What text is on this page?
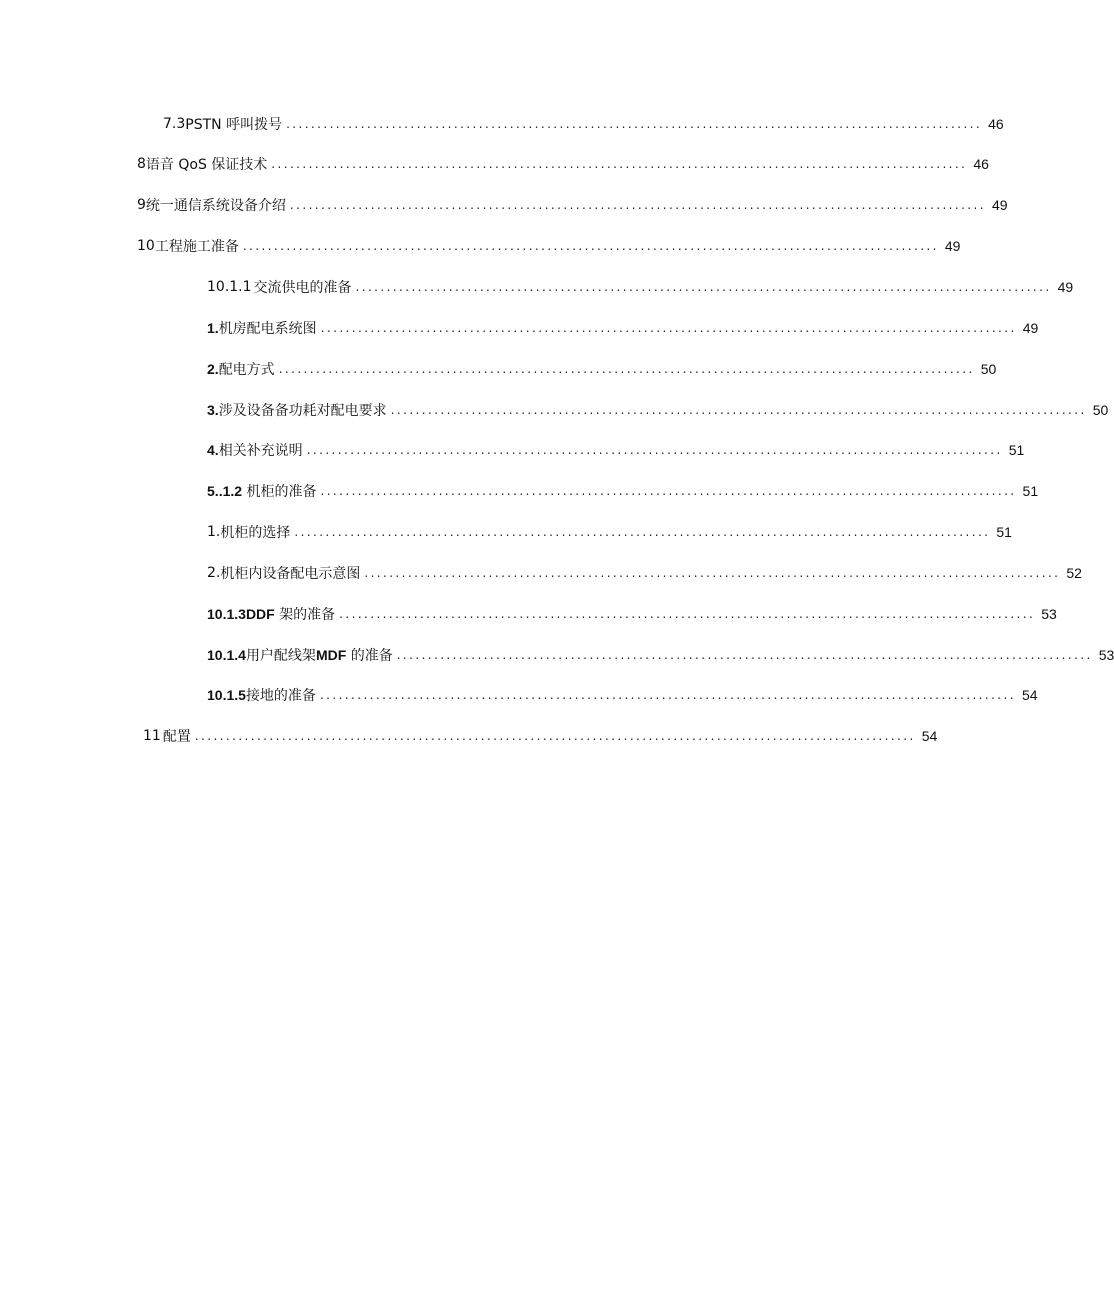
7.3 PSTN 呼叫拨号 ................................................................................................................ 46
8 语音 QoS 保证技术 ................................................................................................................ 46
9 统一通信系统设备介绍 ................................................................................................................ 49
10 工程施工准备 ................................................................................................................ 49
10.1.1 交流供电的准备 ................................................................................................................ 49
1. 机房配电系统图 ................................................................................................................ 49
2. 配电方式 ................................................................................................................ 50
3. 涉及设备备功耗对配电要求 ................................................................................................................ 50
4. 相关补充说明 ................................................................................................................ 51
5. .1.2 机柜的准备 ................................................................................................................ 51
1. 机柜的选择 ................................................................................................................ 51
2. 机柜内设备配电示意图 ................................................................................................................ 52
10.1.3 DDF 架的准备 ................................................................................................................ 53
10.1.4 用户配线架MDF 的准备 ................................................................................................................ 53
10.1.5 接地的准备 ................................................................................................................ 54
11 配置 .................................................................................................................... 54
